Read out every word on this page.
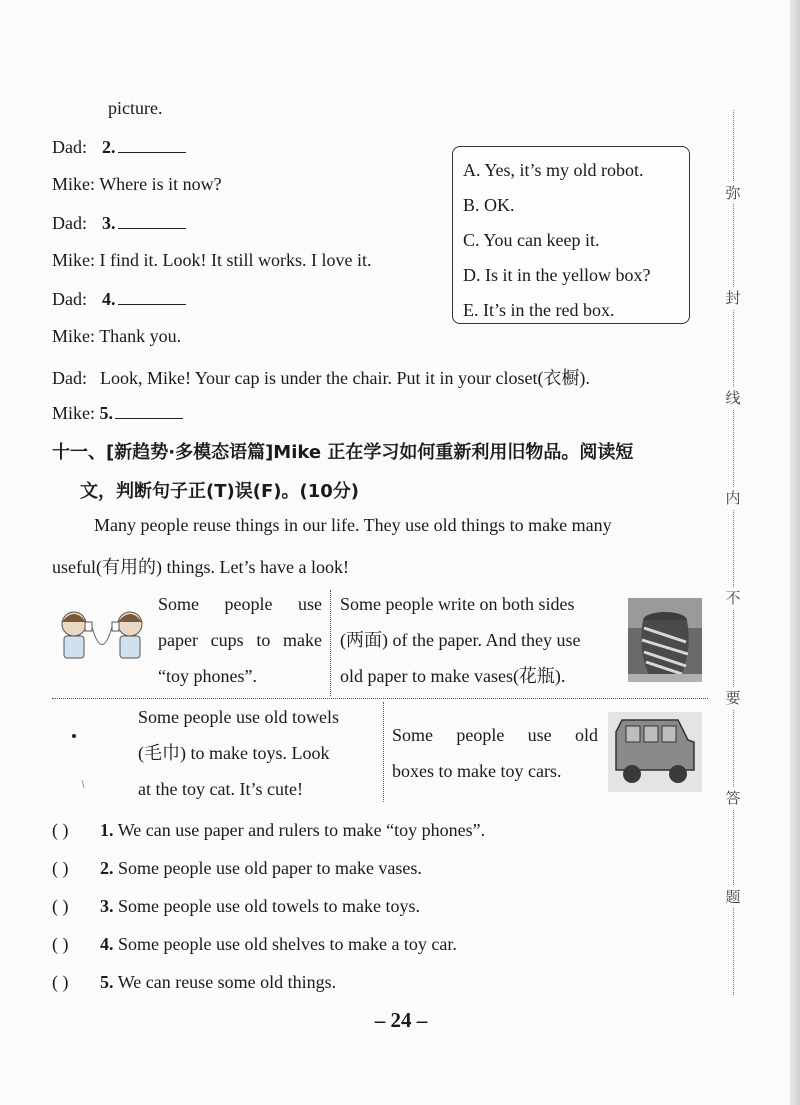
picture.
Dad: 2.
Mike: Where is it now?
Dad: 3.
Mike: I find it. Look! It still works. I love it.
Dad: 4.
Mike: Thank you.
Dad: Look, Mike! Your cap is under the chair. Put it in your closet(衣橱).
Mike: 5.
A. Yes, it’s my old robot.
B. OK.
C. You can keep it.
D. Is it in the yellow box?
E. It’s in the red box.
十一、[新趋势·多模态语篇]Mike 正在学习如何重新利用旧物品。阅读短
文，判断句子正(T)误(F)。(10分)
Many people reuse things in our life. They use old things to make many
useful(有用的) things. Let’s have a look!
Some people use
paper cups to make
“toy phones”.
Some people write on both sides
(两面) of the paper. And they use
old paper to make vases(花瓶).
Some people use old towels
(毛巾) to make toys. Look
at the toy cat. It’s cute!
Some people use old
boxes to make toy cars.
( ) 1. We can use paper and rulers to make “toy phones”.
( ) 2. Some people use old paper to make vases.
( ) 3. Some people use old towels to make toys.
( ) 4. Some people use old shelves to make a toy car.
( ) 5. We can reuse some old things.
– 24 –
弥
封
线
内
不
要
答
题
